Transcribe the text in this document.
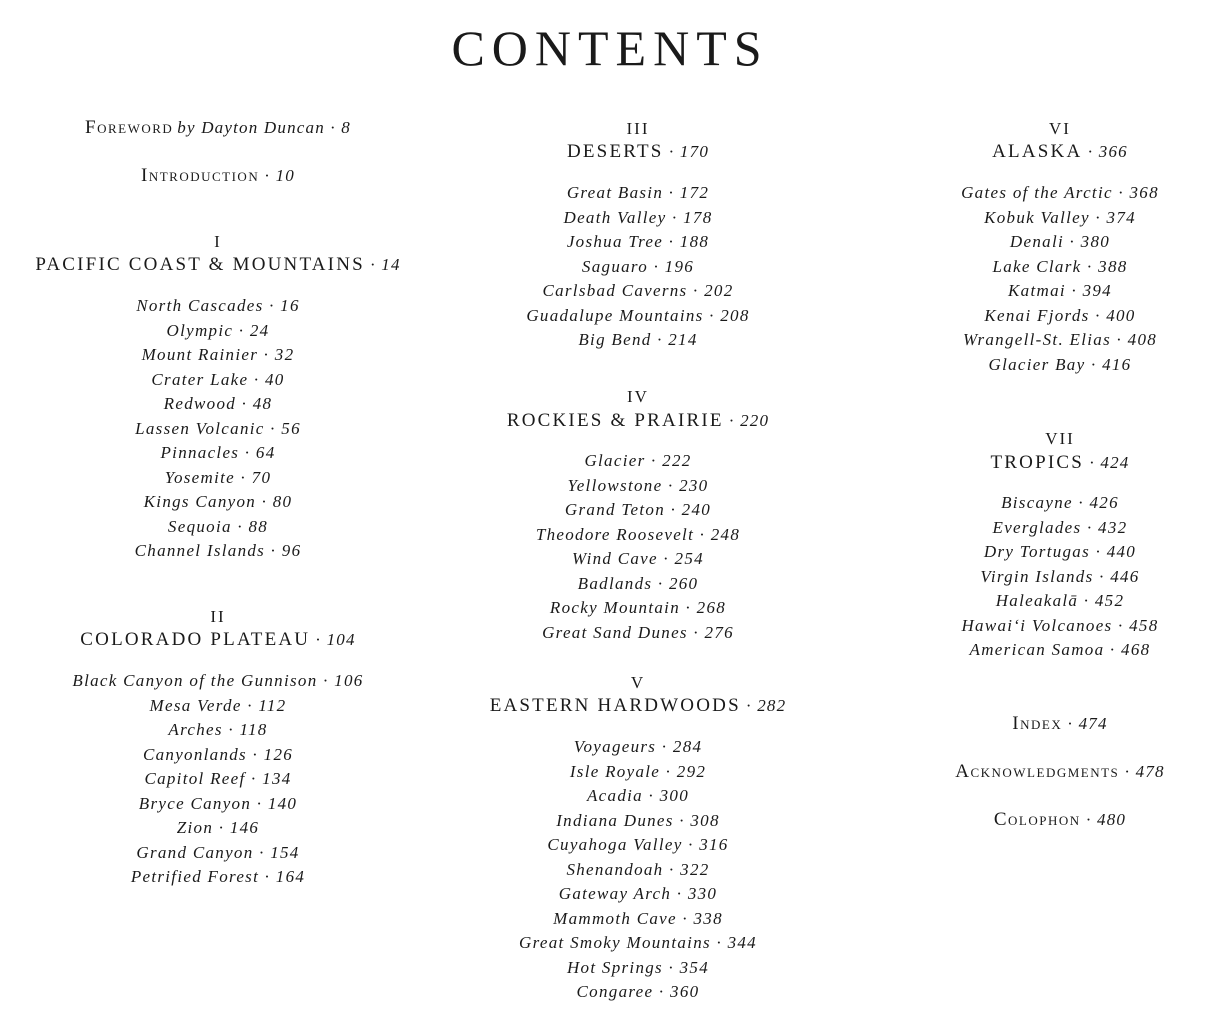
CONTENTS
Foreword by Dayton Duncan · 8
Introduction · 10
I
PACIFIC COAST & MOUNTAINS · 14
North Cascades · 16
Olympic · 24
Mount Rainier · 32
Crater Lake · 40
Redwood · 48
Lassen Volcanic · 56
Pinnacles · 64
Yosemite · 70
Kings Canyon · 80
Sequoia · 88
Channel Islands · 96
II
COLORADO PLATEAU · 104
Black Canyon of the Gunnison · 106
Mesa Verde · 112
Arches · 118
Canyonlands · 126
Capitol Reef · 134
Bryce Canyon · 140
Zion · 146
Grand Canyon · 154
Petrified Forest · 164
III
DESERTS · 170
Great Basin · 172
Death Valley · 178
Joshua Tree · 188
Saguaro · 196
Carlsbad Caverns · 202
Guadalupe Mountains · 208
Big Bend · 214
IV
ROCKIES & PRAIRIE · 220
Glacier · 222
Yellowstone · 230
Grand Teton · 240
Theodore Roosevelt · 248
Wind Cave · 254
Badlands · 260
Rocky Mountain · 268
Great Sand Dunes · 276
V
EASTERN HARDWOODS · 282
Voyageurs · 284
Isle Royale · 292
Acadia · 300
Indiana Dunes · 308
Cuyahoga Valley · 316
Shenandoah · 322
Gateway Arch · 330
Mammoth Cave · 338
Great Smoky Mountains · 344
Hot Springs · 354
Congaree · 360
Index · 474
Acknowledgments · 478
Colophon · 480
VI
ALASKA · 366
Gates of the Arctic · 368
Kobuk Valley · 374
Denali · 380
Lake Clark · 388
Katmai · 394
Kenai Fjords · 400
Wrangell-St. Elias · 408
Glacier Bay · 416
VII
TROPICS · 424
Biscayne · 426
Everglades · 432
Dry Tortugas · 440
Virgin Islands · 446
Haleakalā · 452
Hawaiʻi Volcanoes · 458
American Samoa · 468
